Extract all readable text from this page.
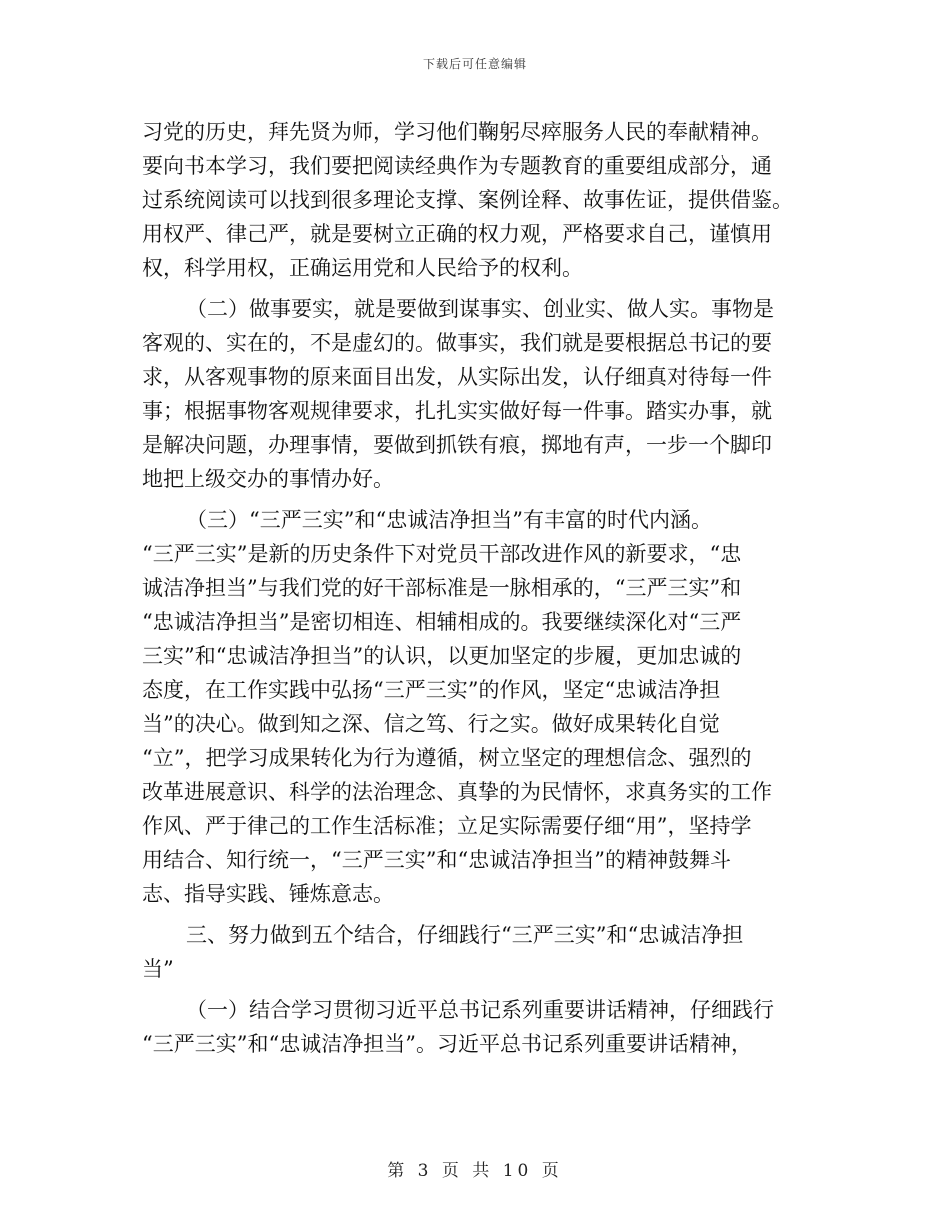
下载后可任意编辑
习党的历史，拜先贤为师，学习他们鞠躬尽瘁服务人民的奉献精神。
要向书本学习，我们要把阅读经典作为专题教育的重要组成部分，通
过系统阅读可以找到很多理论支撑、案例诠释、故事佐证，提供借鉴。
用权严、律己严，就是要树立正确的权力观，严格要求自己，谨慎用
权，科学用权，正确运用党和人民给予的权利。
（二）做事要实，就是要做到谋事实、创业实、做人实。事物是
客观的、实在的，不是虚幻的。做事实，我们就是要根据总书记的要
求，从客观事物的原来面目出发，从实际出发，认仔细真对待每一件
事；根据事物客观规律要求，扎扎实实做好每一件事。踏实办事，就
是解决问题，办理事情，要做到抓铁有痕，掷地有声，一步一个脚印
地把上级交办的事情办好。
（三）“三严三实”和“忠诚洁净担当”有丰富的时代内涵。
“三严三实”是新的历史条件下对党员干部改进作风的新要求，“忠
诚洁净担当”与我们党的好干部标准是一脉相承的，“三严三实”和
“忠诚洁净担当”是密切相连、相辅相成的。我要继续深化对“三严
三实”和“忠诚洁净担当”的认识，以更加坚定的步履，更加忠诚的
态度，在工作实践中弘扬“三严三实”的作风，坚定“忠诚洁净担
当”的决心。做到知之深、信之笃、行之实。做好成果转化自觉
“立”，把学习成果转化为行为遵循，树立坚定的理想信念、强烈的
改革进展意识、科学的法治理念、真挚的为民情怀，求真务实的工作
作风、严于律己的工作生活标准；立足实际需要仔细“用”，坚持学
用结合、知行统一，“三严三实”和“忠诚洁净担当”的精神鼓舞斗
志、指导实践、锤炼意志。
三、努力做到五个结合，仔细践行“三严三实”和“忠诚洁净担
当”
（一）结合学习贯彻习近平总书记系列重要讲话精神，仔细践行
“三严三实”和“忠诚洁净担当”。习近平总书记系列重要讲话精神，
第 3 页 共 10 页
